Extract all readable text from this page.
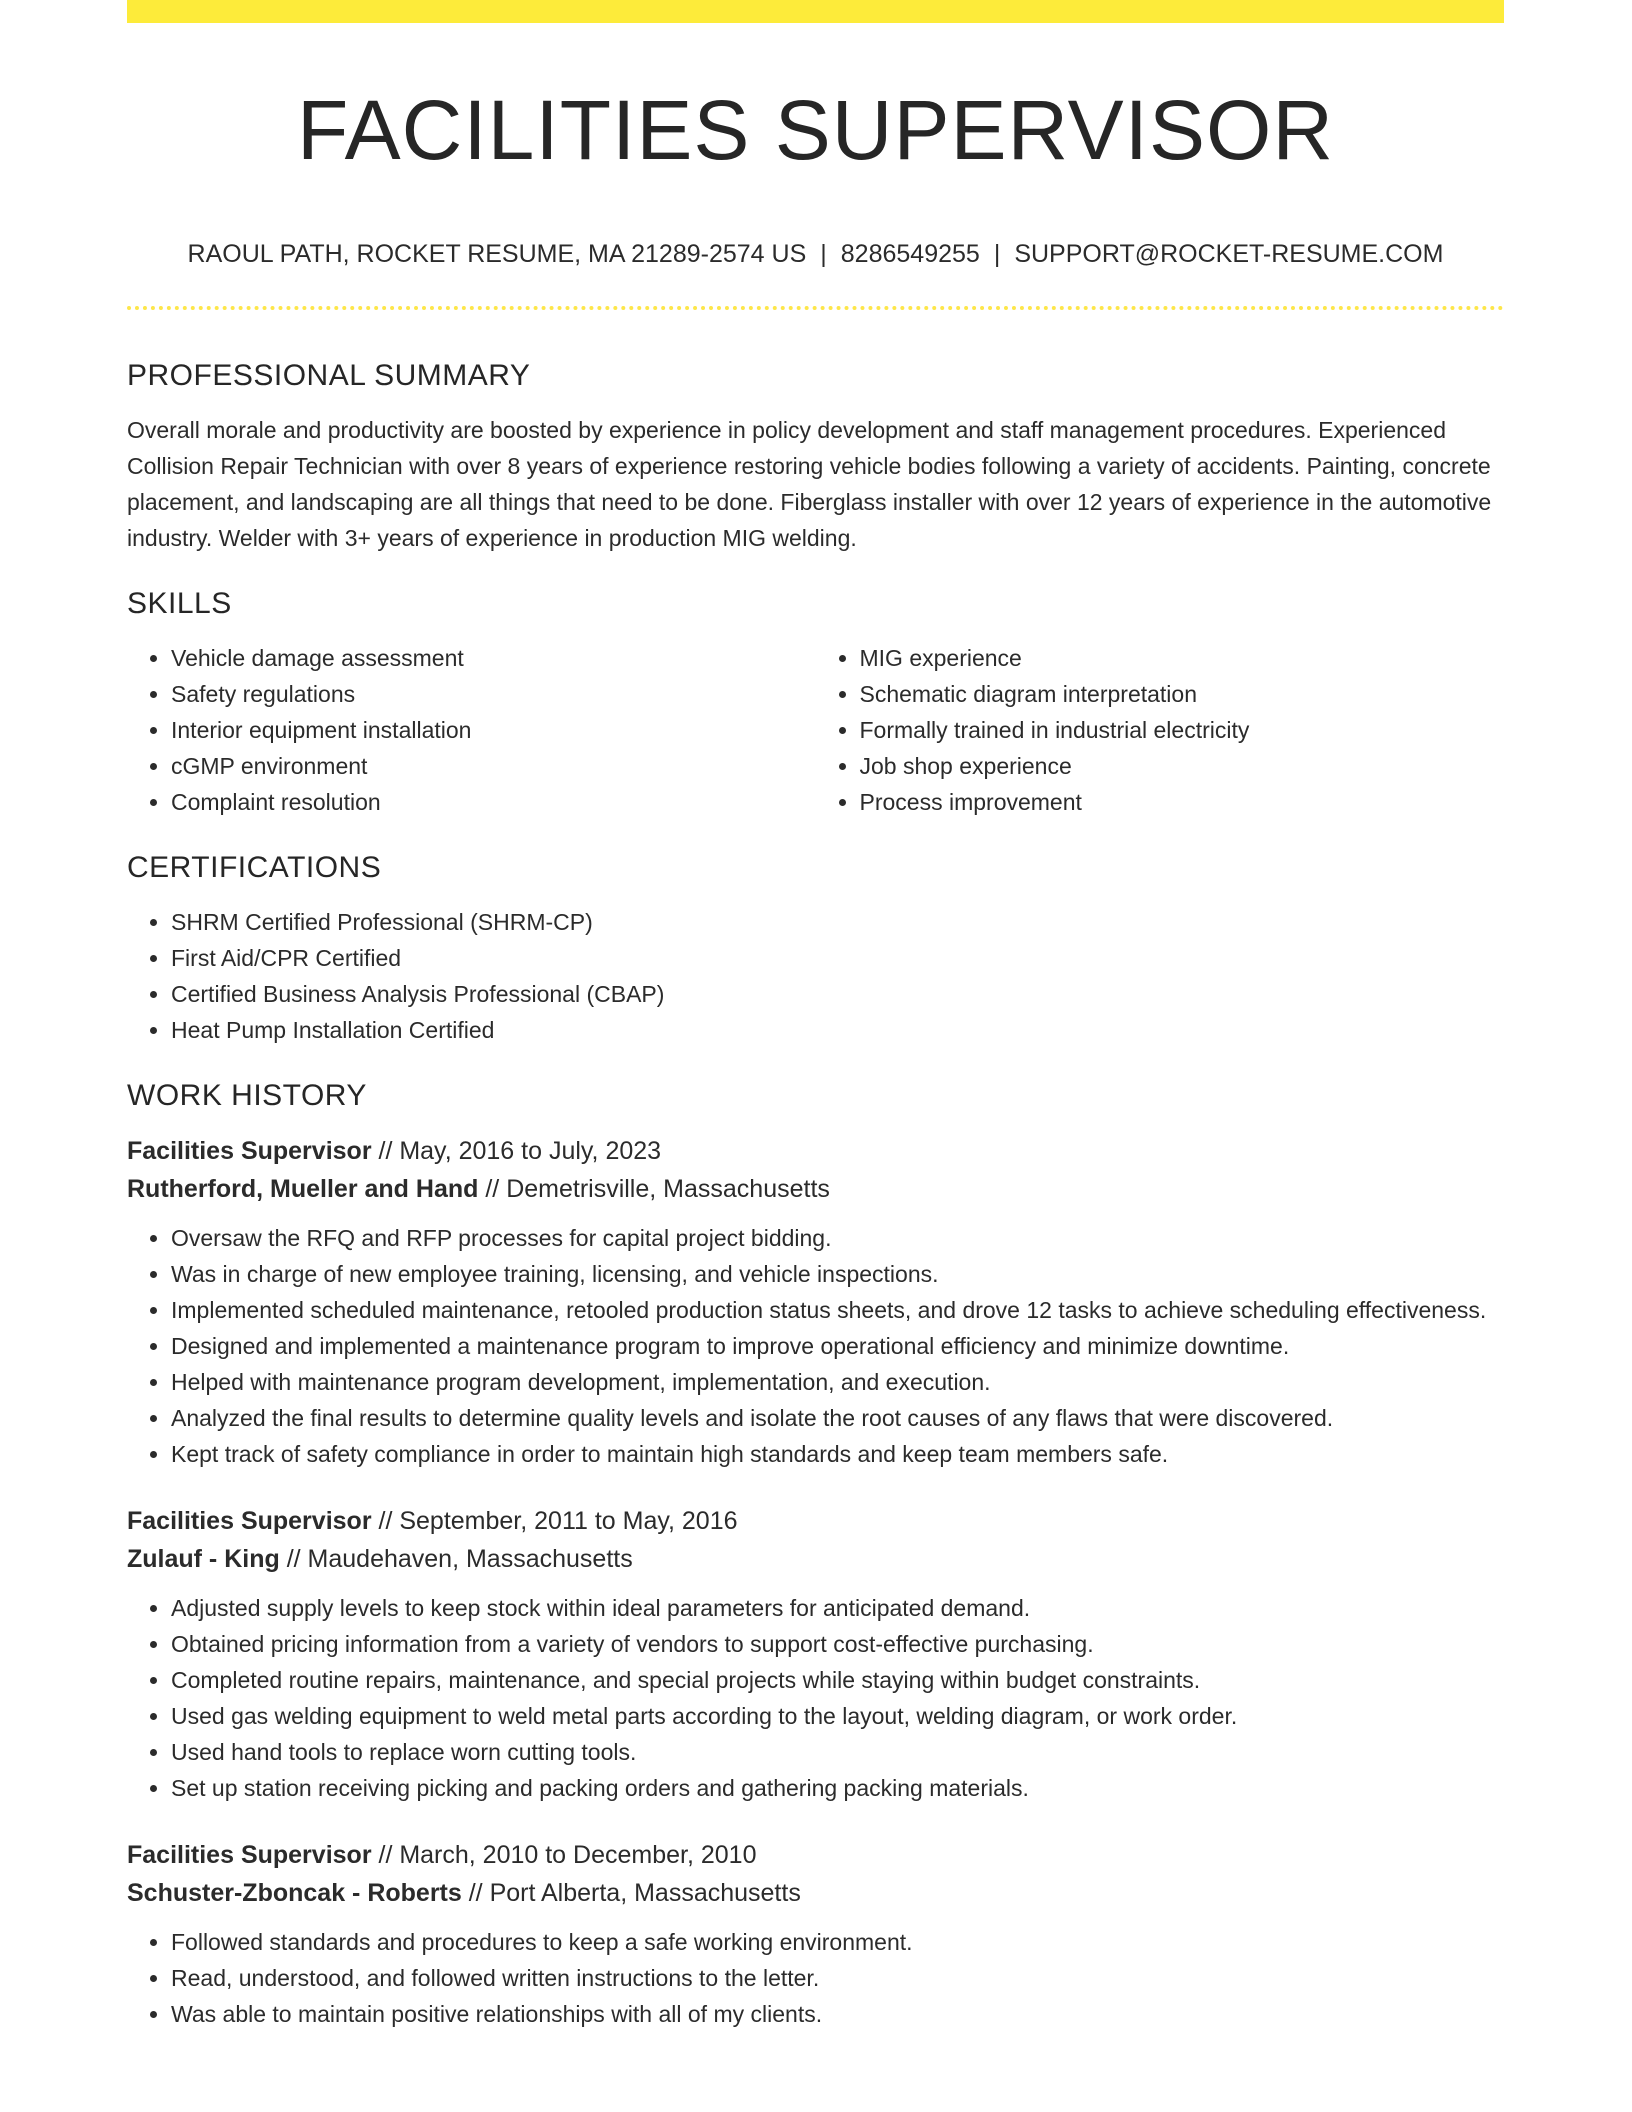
FACILITIES SUPERVISOR
RAOUL PATH, ROCKET RESUME, MA 21289-2574 US | 8286549255 | SUPPORT@ROCKET-RESUME.COM
PROFESSIONAL SUMMARY

Overall morale and productivity are boosted by experience in policy development and staff management procedures. Experienced Collision Repair Technician with over 8 years of experience restoring vehicle bodies following a variety of accidents. Painting, concrete placement, and landscaping are all things that need to be done. Fiberglass installer with over 12 years of experience in the automotive industry. Welder with 3+ years of experience in production MIG welding.

SKILLS
• Vehicle damage assessment
• Safety regulations
• Interior equipment installation
• cGMP environment
• Complaint resolution
• MIG experience
• Schematic diagram interpretation
• Formally trained in industrial electricity
• Job shop experience
• Process improvement
CERTIFICATIONS
• SHRM Certified Professional (SHRM-CP)
• First Aid/CPR Certified
• Certified Business Analysis Professional (CBAP)
• Heat Pump Installation Certified
WORK HISTORY
Facilities Supervisor // May, 2016 to July, 2023
Rutherford, Mueller and Hand // Demetrisville, Massachusetts
• Oversaw the RFQ and RFP processes for capital project bidding.
• Was in charge of new employee training, licensing, and vehicle inspections.
• Implemented scheduled maintenance, retooled production status sheets, and drove 12 tasks to achieve scheduling effectiveness.
• Designed and implemented a maintenance program to improve operational efficiency and minimize downtime.
• Helped with maintenance program development, implementation, and execution.
• Analyzed the final results to determine quality levels and isolate the root causes of any flaws that were discovered.
• Kept track of safety compliance in order to maintain high standards and keep team members safe.
Facilities Supervisor // September, 2011 to May, 2016
Zulauf - King // Maudehaven, Massachusetts
• Adjusted supply levels to keep stock within ideal parameters for anticipated demand.
• Obtained pricing information from a variety of vendors to support cost-effective purchasing.
• Completed routine repairs, maintenance, and special projects while staying within budget constraints.
• Used gas welding equipment to weld metal parts according to the layout, welding diagram, or work order.
• Used hand tools to replace worn cutting tools.
• Set up station receiving picking and packing orders and gathering packing materials.
Facilities Supervisor // March, 2010 to December, 2010
Schuster-Zboncak - Roberts // Port Alberta, Massachusetts
• Followed standards and procedures to keep a safe working environment.
• Read, understood, and followed written instructions to the letter.
• Was able to maintain positive relationships with all of my clients.
